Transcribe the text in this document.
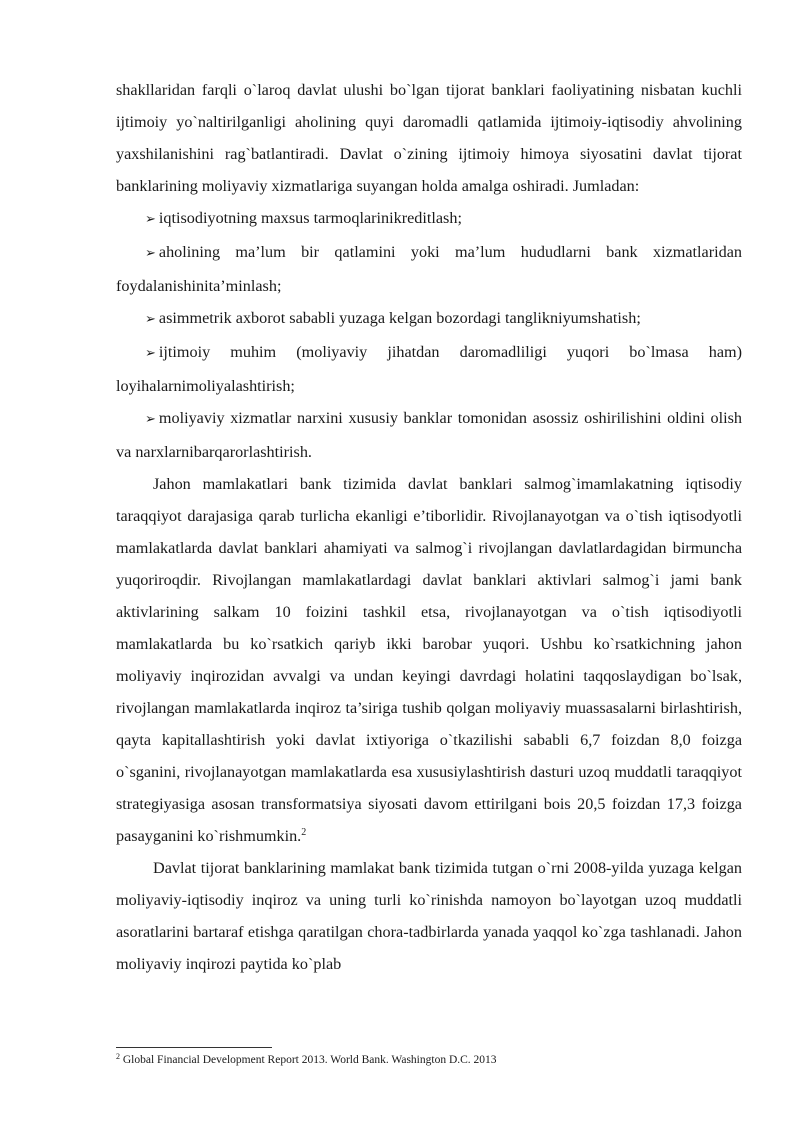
shakllaridan farqli o`laroq davlat ulushi bo`lgan tijorat banklari faoliyatining nisbatan kuchli ijtimoiy yo`naltirilganligi aholining quyi daromadli qatlamida ijtimoiy-iqtisodiy ahvolining yaxshilanishini rag`batlantiradi. Davlat o`zining ijtimoiy himoya siyosatini davlat tijorat banklarining moliyaviy xizmatlariga suyangan holda amalga oshiradi. Jumladan:

➢ iqtisodiyotning maxsus tarmoqlarinikreditlash;

➢ aholining ma’lum bir qatlamini yoki ma’lum hududlarni bank xizmatlaridan foydalanishinita’minlash;

➢ asimmetrik axborot sababli yuzaga kelgan bozordagi tanglikniyumshatish;

➢ ijtimoiy muhim (moliyaviy jihatdan daromadliligi yuqori bo`lmasa ham) loyihalarnimoliyalashtirish;

➢ moliyaviy xizmatlar narxini xususiy banklar tomonidan asossiz oshirilishini oldini olish va narxlarnibarqarorlashtirish.

Jahon mamlakatlari bank tizimida davlat banklari salmog`imamlakatning iqtisodiy taraqqiyot darajasiga qarab turlicha ekanligi e’tiborlidir. Rivojlanayotgan va o`tish iqtisodyotli mamlakatlarda davlat banklari ahamiyati va salmog`i rivojlangan davlatlardagidan birmuncha yuqoriroqdir. Rivojlangan mamlakatlardagi davlat banklari aktivlari salmog`i jami bank aktivlarining salkam 10 foizini tashkil etsa, rivojlanayotgan va o`tish iqtisodiyotli mamlakatlarda bu ko`rsatkich qariyb ikki barobar yuqori. Ushbu ko`rsatkichning jahon moliyaviy inqirozidan avvalgi va undan keyingi davrdagi holatini taqqoslaydigan bo`lsak, rivojlangan mamlakatlarda inqiroz ta’siriga tushib qolgan moliyaviy muassasalarni birlashtirish, qayta kapitallashtirish yoki davlat ixtiyoriga o`tkazilishi sababli 6,7 foizdan 8,0 foizga o`sganini, rivojlanayotgan mamlakatlarda esa xususiylashtirish dasturi uzoq muddatli taraqqiyot strategiyasiga asosan transformatsiya siyosati davom ettirilgani bois 20,5 foizdan 17,3 foizga pasayganini ko`rishmumkin.$^2$

Davlat tijorat banklarining mamlakat bank tizimida tutgan o`rni 2008-yilda yuzaga kelgan moliyaviy-iqtisodiy inqiroz va uning turli ko`rinishda namoyon bo`layotgan uzoq muddatli asoratlarini bartaraf etishga qaratilgan chora-tadbirlarda yanada yaqqol ko`zga tashlanadi. Jahon moliyaviy inqirozi paytida ko`plab

$^2$ Global Financial Development Report 2013. World Bank. Washington D.C. 2013
